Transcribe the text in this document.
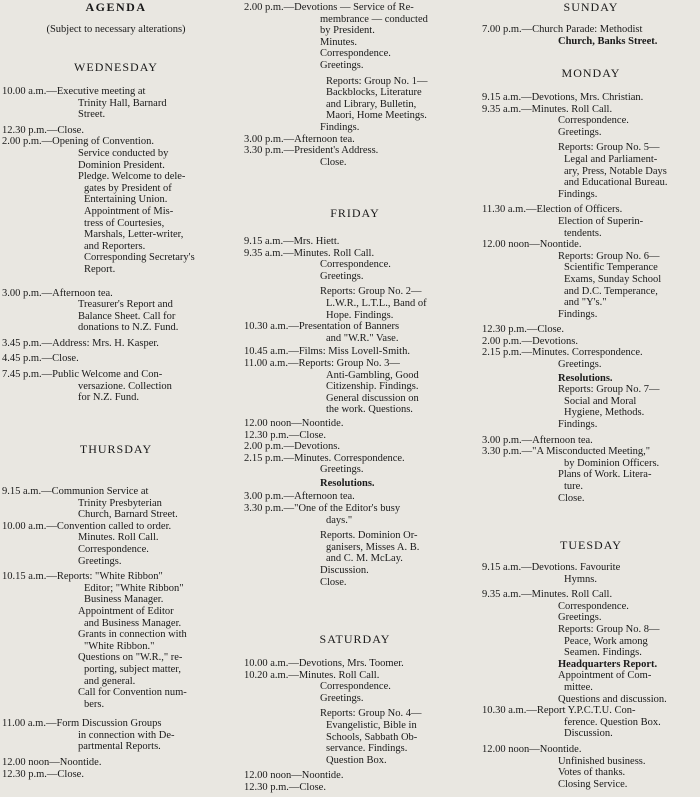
AGENDA
(Subject to necessary alterations)
WEDNESDAY
10.00 a.m.—Executive meeting at
Trinity Hall, Barnard
Street.
12.30 p.m.—Close.
2.00 p.m.—Opening of Convention.
Service conducted by
Dominion President.
Pledge. Welcome to dele-
gates by President of
Entertaining Union.
Appointment of Mis-
tress of Courtesies,
Marshals, Letter-writer,
and Reporters.
Corresponding Secretary's
Report.
3.00 p.m.—Afternoon tea.
Treasurer's Report and
Balance Sheet. Call for
donations to N.Z. Fund.
3.45 p.m.—Address: Mrs. H. Kasper.
4.45 p.m.—Close.
7.45 p.m.—Public Welcome and Con-
versazione. Collection
for N.Z. Fund.
THURSDAY
9.15 a.m.—Communion Service at
Trinity Presbyterian
Church, Barnard Street.
10.00 a.m.—Convention called to order.
Minutes. Roll Call.
Correspondence.
Greetings.
10.15 a.m.—Reports: "White Ribbon"
Editor; "White Ribbon"
Business Manager.
Appointment of Editor
and Business Manager.
Grants in connection with
"White Ribbon."
Questions on "W.R.," re-
porting, subject matter,
and general.
Call for Convention num-
bers.
11.00 a.m.—Form Discussion Groups
in connection with De-
partmental Reports.
12.00 noon—Noontide.
12.30 p.m.—Close.
2.00 p.m.—Devotions — Service of Re-
membrance — conducted
by President.
Minutes.
Correspondence.
Greetings.
Reports: Group No. 1—
Backblocks, Literature
and Library, Bulletin,
Maori, Home Meetings.
Findings.
3.00 p.m.—Afternoon tea.
3.30 p.m.—President's Address.
Close.
FRIDAY
9.15 a.m.—Mrs. Hiett.
9.35 a.m.—Minutes. Roll Call.
Correspondence.
Greetings.
Reports: Group No. 2—
L.W.R., L.T.L., Band of
Hope. Findings.
10.30 a.m.—Presentation of Banners
and "W.R." Vase.
10.45 a.m.—Films: Miss Lovell-Smith.
11.00 a.m.—Reports: Group No. 3—
Anti-Gambling, Good
Citizenship. Findings.
General discussion on
the work. Questions.
12.00 noon—Noontide.
12.30 p.m.—Close.
2.00 p.m.—Devotions.
2.15 p.m.—Minutes. Correspondence.
Greetings.
Resolutions.
3.00 p.m.—Afternoon tea.
3.30 p.m.—"One of the Editor's busy
days."
Reports. Dominion Or-
ganisers, Misses A. B.
and C. M. McLay.
Discussion.
Close.
SATURDAY
10.00 a.m.—Devotions, Mrs. Toomer.
10.20 a.m.—Minutes. Roll Call.
Correspondence.
Greetings.
Reports: Group No. 4—
Evangelistic, Bible in
Schools, Sabbath Ob-
servance. Findings.
Question Box.
12.00 noon—Noontide.
12.30 p.m.—Close.
SUNDAY
7.00 p.m.—Church Parade: Methodist
Church, Banks Street.
MONDAY
9.15 a.m.—Devotions, Mrs. Christian.
9.35 a.m.—Minutes. Roll Call.
Correspondence.
Greetings.
Reports: Group No. 5—
Legal and Parliament-
ary, Press, Notable Days
and Educational Bureau.
Findings.
11.30 a.m.—Election of Officers.
Election of Superin-
tendents.
12.00 noon—Noontide.
Reports: Group No. 6—
Scientific Temperance
Exams, Sunday School
and D.C. Temperance,
and "Y's."
Findings.
12.30 p.m.—Close.
2.00 p.m.—Devotions.
2.15 p.m.—Minutes. Correspondence.
Greetings.
Resolutions.
Reports: Group No. 7—
Social and Moral
Hygiene, Methods.
Findings.
3.00 p.m.—Afternoon tea.
3.30 p.m.—"A Misconducted Meeting,"
by Dominion Officers.
Plans of Work. Litera-
ture.
Close.
TUESDAY
9.15 a.m.—Devotions. Favourite
Hymns.
9.35 a.m.—Minutes. Roll Call.
Correspondence.
Greetings.
Reports: Group No. 8—
Peace, Work among
Seamen. Findings.
Headquarters Report.
Appointment of Com-
mittee.
Questions and discussion.
10.30 a.m.—Report Y.P.C.T.U. Con-
ference. Question Box.
Discussion.
12.00 noon—Noontide.
Unfinished business.
Votes of thanks.
Closing Service.
